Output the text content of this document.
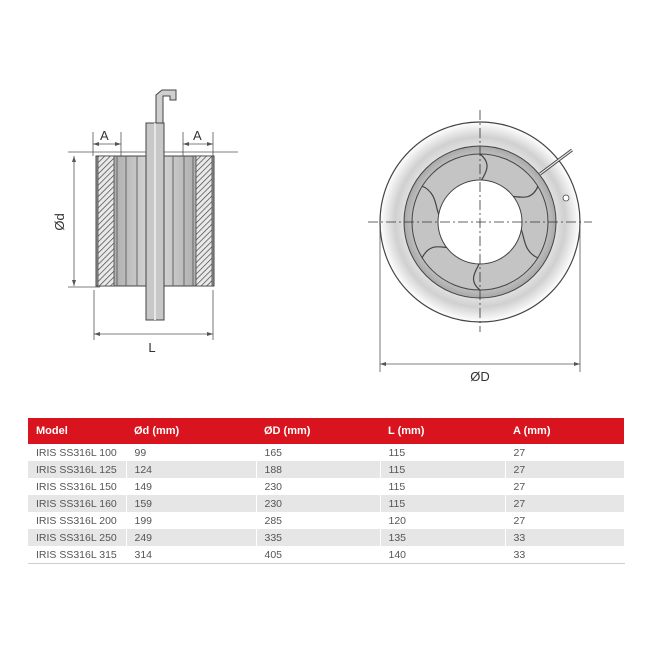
A	A
Ød
L
ØD
Model	Ød (mm)	ØD (mm)	L (mm)	A (mm)
IRIS SS316L 100	99	165	115	27
IRIS SS316L 125	124	188	115	27
IRIS SS316L 150	149	230	115	27
IRIS SS316L 160	159	230	115	27
IRIS SS316L 200	199	285	120	27
IRIS SS316L 250	249	335	135	33
IRIS SS316L 315	314	405	140	33
